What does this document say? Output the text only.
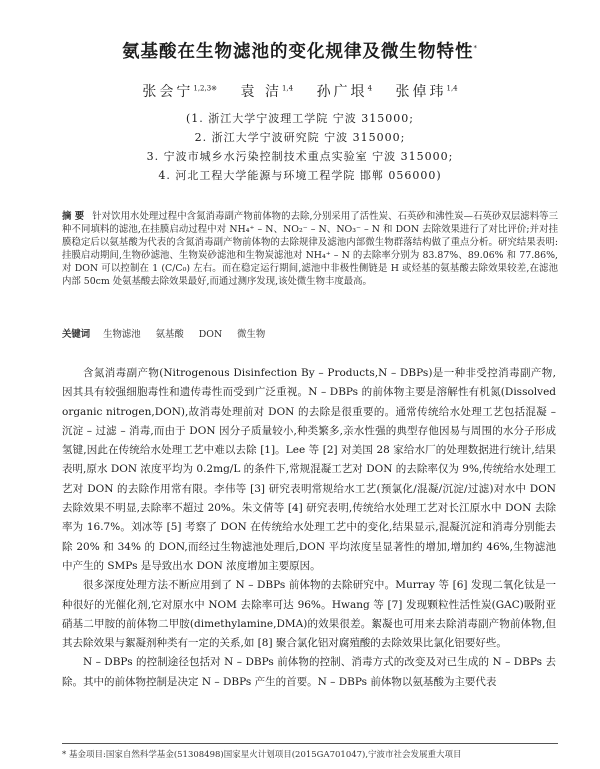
氨基酸在生物滤池的变化规律及微生物特性*
张会宁$^{1,2,3※}$ 袁 洁$^{1,4}$ 孙广垠$^4$ 张倬玮$^{1,4}$
(1. 浙江大学宁波理工学院 宁波 315000;
2. 浙江大学宁波研究院 宁波 315000;
3. 宁波市城乡水污染控制技术重点实验室 宁波 315000;
4. 河北工程大学能源与环境工程学院 邯郸 056000)
摘 要 针对饮用水处理过程中含氮消毒副产物前体物的去除,分别采用了活性炭、石英砂和沸性炭—石英砂双层滤料等三种不同填料的滤池,在挂膜启动过程中对 NH₄⁺ – N、NO₂⁻ – N、NO₃⁻ – N 和 DON 去除效果进行了对比评价;并对挂膜稳定后以氨基酸为代表的含氮消毒副产物前体物的去除规律及滤池内部微生物群落结构做了重点分析。研究结果表明:挂膜启动期间,生物砂滤池、生物炭砂滤池和生物炭滤池对 NH₄⁺ – N 的去除率分别为 83.87%、89.06% 和 77.86%,对 DON 可以控制在 1 (C/C₀) 左右。而在稳定运行期间,滤池中非极性侧链是 H 或烃基的氨基酸去除效果较差,在滤池内部 50cm 处氨基酸去除效果最好,而通过测序发现,该处微生物丰度最高。
关键词 生物滤池 氨基酸 DON 微生物

含氮消毒副产物(Nitrogenous Disinfection By – Products,N – DBPs)是一种非受控消毒副产物,因其具有较强细胞毒性和遗传毒性而受到广泛重视。N – DBPs 的前体物主要是溶解性有机氮(Dissolved organic nitrogen,DON),故消毒处理前对 DON 的去除是很重要的。通常传统给水处理工艺包括混凝 – 沉淀 – 过滤 – 消毒,而由于 DON 因分子质量较小,种类繁多,亲水性强的典型存他因易与周围的水分子形成氢键,因此在传统给水处理工艺中难以去除 [1]。Lee 等 [2] 对美国 28 家给水厂的处理数据进行统计,结果表明,原水 DON 浓度平均为 0.2mg/L 的条件下,常规混凝工艺对 DON 的去除率仅为 9%,传统给水处理工艺对 DON 的去除作用常有限。李伟等 [3] 研究表明常规给水工艺(预氯化/混凝/沉淀/过滤)对水中 DON 去除效果不明显,去除率不超过 20%。朱文倩等 [4] 研究表明,传统给水处理工艺对长江原水中 DON 去除率为 16.7%。刘冰等 [5] 考察了 DON 在传统给水处理工艺中的变化,结果显示,混凝沉淀和消毒分别能去除 20% 和 34% 的 DON,而经过生物滤池处理后,DON 平均浓度呈显著性的增加,增加约 46%,生物滤池中产生的 SMPs 是导致出水 DON 浓度增加主要原因。

很多深度处理方法不断应用到了 N – DBPs 前体物的去除研究中。Murray 等 [6] 发现二氧化钛是一种很好的光催化剂,它对原水中 NOM 去除率可达 96%。Hwang 等 [7] 发现颗粒性活性炭(GAC)吸附亚硝基二甲胺的前体物二甲胺(dimethylamine,DMA)的效果很差。絮凝也可用来去除消毒副产物前体物,但其去除效果与絮凝剂种类有一定的关系,如 [8] 聚合氯化铝对腐殖酸的去除效果比氯化铝要好些。

N – DBPs 的控制途径包括对 N – DBPs 前体物的控制、消毒方式的改变及对已生成的 N – DBPs 去除。其中的前体物控制是决定 N – DBPs 产生的首要。N – DBPs 前体物以氨基酸为主要代表

* 基金项目:国家自然科学基金(51308498)国家星火计划项目(2015GA701047),宁波市社会发展重大项目
